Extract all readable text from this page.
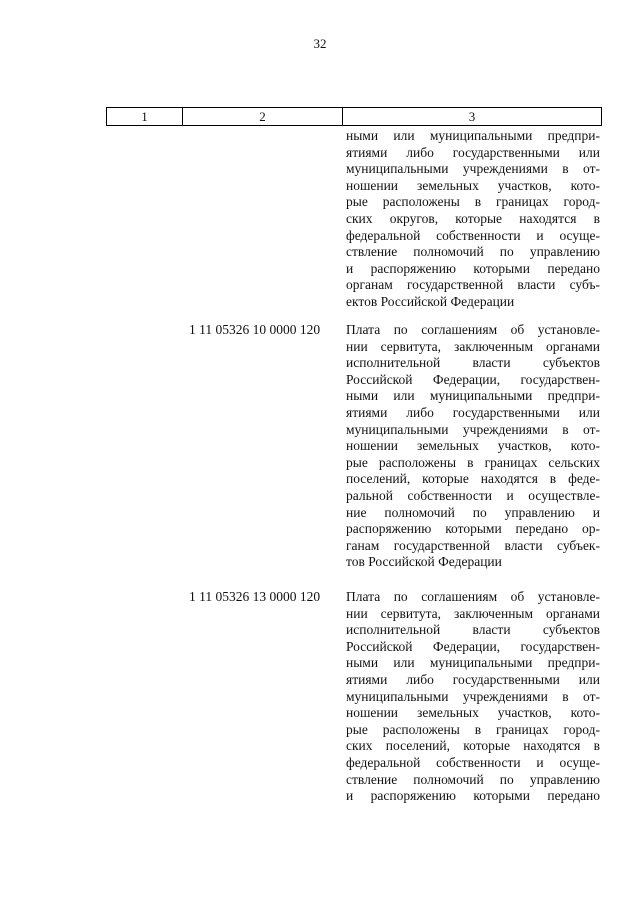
32
1	2	3
ными или муниципальными предпри-
ятиями либо государственными или
муниципальными учреждениями в от-
ношении земельных участков, кото-
рые расположены в границах город-
ских округов, которые находятся в
федеральной собственности и осуще-
ствление полномочий по управлению
и распоряжению которыми передано
органам государственной власти субъ-
ектов Российской Федерации
1 11 05326 10 0000 120 Плата по соглашениям об установле-
нии сервитута, заключенным органами
исполнительной власти субъектов
Российской Федерации, государствен-
ными или муниципальными предпри-
ятиями либо государственными или
муниципальными учреждениями в от-
ношении земельных участков, кото-
рые расположены в границах сельских
поселений, которые находятся в феде-
ральной собственности и осуществле-
ние полномочий по управлению и
распоряжению которыми передано ор-
ганам государственной власти субъек-
тов Российской Федерации
1 11 05326 13 0000 120 Плата по соглашениям об установле-
нии сервитута, заключенным органами
исполнительной власти субъектов
Российской Федерации, государствен-
ными или муниципальными предпри-
ятиями либо государственными или
муниципальными учреждениями в от-
ношении земельных участков, кото-
рые расположены в границах город-
ских поселений, которые находятся в
федеральной собственности и осуще-
ствление полномочий по управлению
и распоряжению которыми передано
